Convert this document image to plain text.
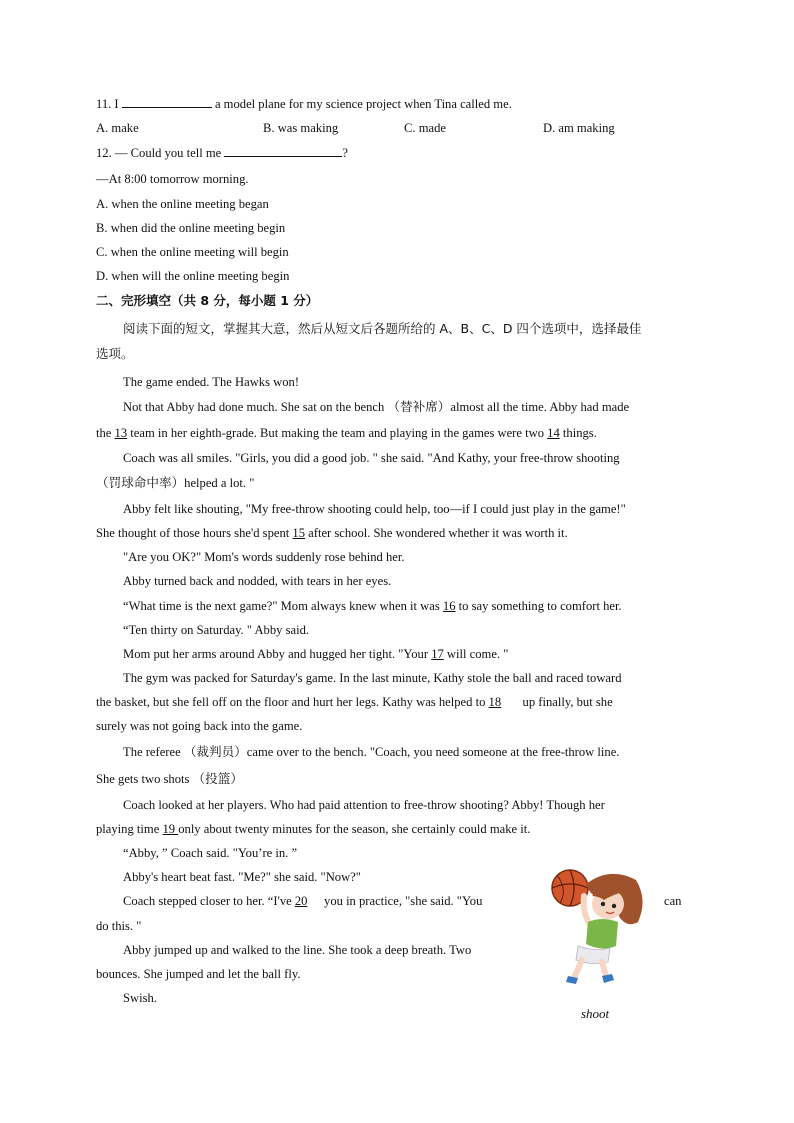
11. I	a model plane for my science project when Tina called me.
A. make	B. was making	C. made	D. am making
12. — Could you tell me	?
—At 8:00 tomorrow morning.
A. when the online meeting began
B. when did the online meeting begin
C. when the online meeting will begin
D. when will the online meeting begin
二、完形填空（共 8 分，每小题 1 分）
阅读下面的短文，掌握其大意，然后从短文后各题所给的 A、B、C、D 四个选项中，选择最佳
选项。
The game ended. The Hawks won!
Not that Abby had done much. She sat on the bench （替补席）almost all the time. Abby had made
the 13 team in her eighth-grade. But making the team and playing in the games were two 14 things.
Coach was all smiles. "Girls, you did a good job. " she said. "And Kathy, your free-throw shooting
（罚球命中率）helped a lot. "
Abby felt like shouting, "My free-throw shooting could help, too—if I could just play in the game!"
She thought of those hours she'd spent 15 after school. She wondered whether it was worth it.
"Are you OK?" Mom's words suddenly rose behind her.
Abby turned back and nodded, with tears in her eyes.
“What time is the next game?" Mom always knew when it was 16 to say something to comfort her.
“Ten thirty on Saturday. " Abby said.
Mom put her arms around Abby and hugged her tight. "Your 17 will come. "
The gym was packed for Saturday's game. In the last minute, Kathy stole the ball and raced toward
the basket, but she fell off on the floor and hurt her legs. Kathy was helped to 18 up finally, but she
surely was not going back into the game.
The referee （裁判员）came over to the bench. "Coach, you need someone at the free-throw line.
She gets two shots （投篮）
Coach looked at her players. Who had paid attention to free-throw shooting? Abby! Though her
playing time 19 only about twenty minutes for the season, she certainly could make it.
“Abby, ” Coach said. "You’re in. ”
Abby's heart beat fast. "Me?" she said. "Now?"
Coach stepped closer to her. “I've 20 you in practice, "she said. "You	can
do this. "
Abby jumped up and walked to the line. She took a deep breath. Two
bounces. She jumped and let the ball fly.
Swish.
shoot
